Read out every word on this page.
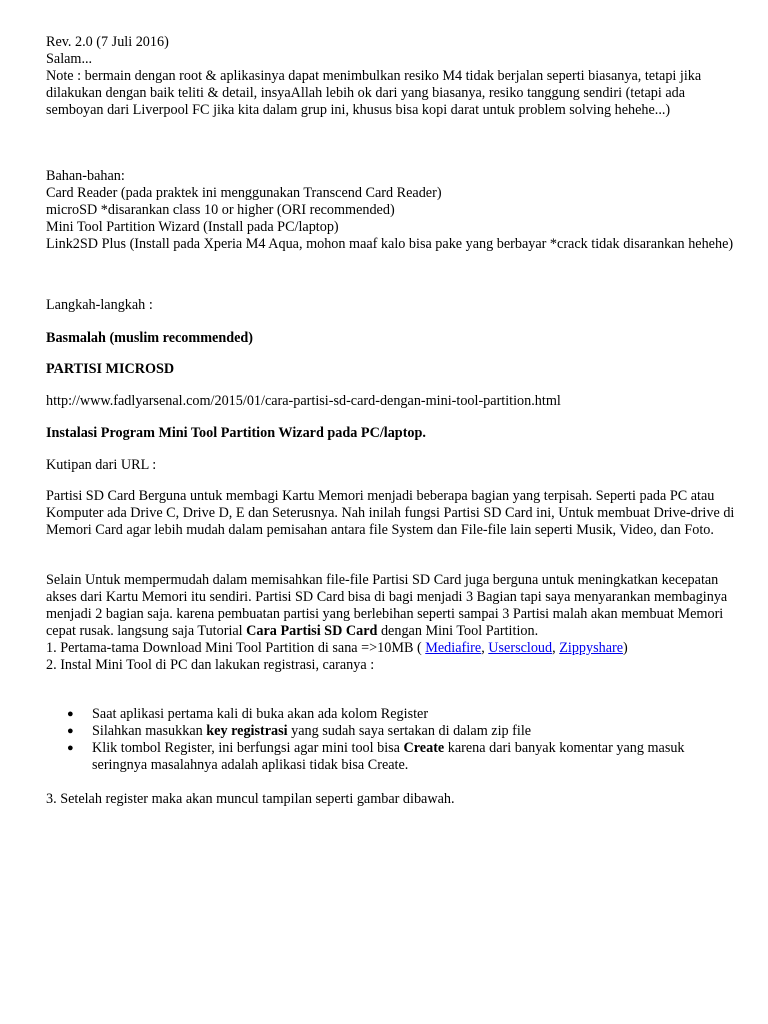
Rev. 2.0 (7 Juli 2016)

Salam...

Note : bermain dengan root & aplikasinya dapat menimbulkan resiko M4 tidak berjalan seperti biasanya, tetapi jika dilakukan dengan baik teliti & detail, insyaAllah lebih ok dari yang biasanya, resiko tanggung sendiri (tetapi ada semboyan dari Liverpool FC jika kita dalam grup ini, khusus bisa kopi darat untuk problem solving hehehe...)

Bahan-bahan:

Card Reader (pada praktek ini menggunakan Transcend Card Reader)

microSD *disarankan class 10 or higher (ORI recommended)

Mini Tool Partition Wizard (Install pada PC/laptop)

Link2SD Plus (Install pada Xperia M4 Aqua, mohon maaf kalo bisa pake yang berbayar *crack tidak disarankan hehehe)

Langkah-langkah :

Basmalah (muslim recommended)

PARTISI MICROSD

http://www.fadlyarsenal.com/2015/01/cara-partisi-sd-card-dengan-mini-tool-partition.html

Instalasi Program Mini Tool Partition Wizard pada PC/laptop.

Kutipan dari URL :

Partisi SD Card Berguna untuk membagi Kartu Memori menjadi beberapa bagian yang terpisah. Seperti pada PC atau Komputer ada Drive C, Drive D, E dan Seterusnya. Nah inilah fungsi Partisi SD Card ini, Untuk membuat Drive-drive di Memori Card agar lebih mudah dalam pemisahan antara file System dan File-file lain seperti Musik, Video, dan Foto.

Selain Untuk mempermudah dalam memisahkan file-file Partisi SD Card juga berguna untuk meningkatkan kecepatan akses dari Kartu Memori itu sendiri. Partisi SD Card bisa di bagi menjadi 3 Bagian tapi saya menyarankan membaginya menjadi 2 bagian saja. karena pembuatan partisi yang berlebihan seperti sampai 3 Partisi malah akan membuat Memori cepat rusak. langsung saja Tutorial Cara Partisi SD Card dengan Mini Tool Partition.

1. Pertama-tama Download Mini Tool Partition di sana =>10MB ( Mediafire, Userscloud, Zippyshare)

2. Instal Mini Tool di PC dan lakukan registrasi, caranya :

● Saat aplikasi pertama kali di buka akan ada kolom Register
● Silahkan masukkan key registrasi yang sudah saya sertakan di dalam zip file
● Klik tombol Register, ini berfungsi agar mini tool bisa Create karena dari banyak komentar yang masuk seringnya masalahnya adalah aplikasi tidak bisa Create.

3. Setelah register maka akan muncul tampilan seperti gambar dibawah.
